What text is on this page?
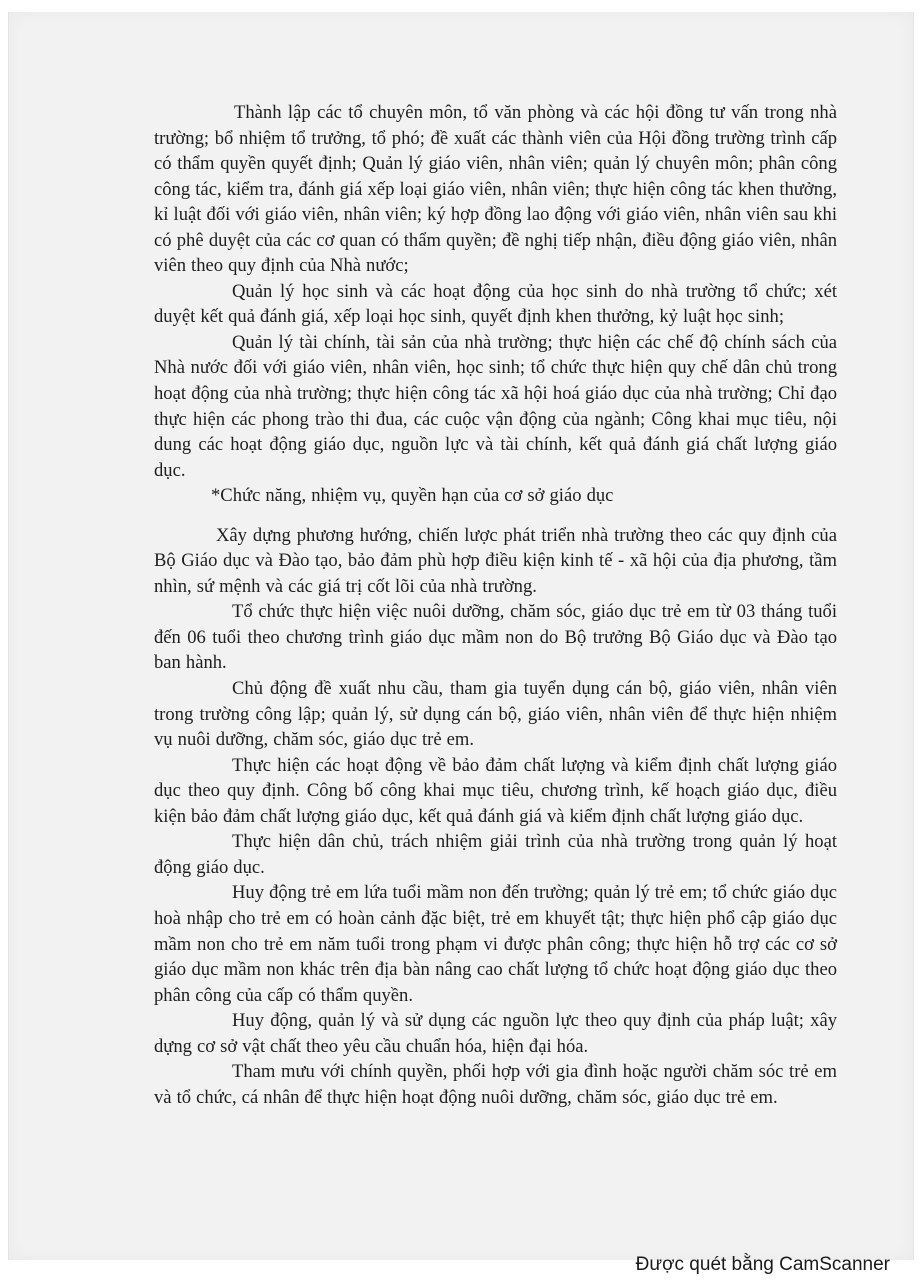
Thành lập các tổ chuyên môn, tổ văn phòng và các hội đồng tư vấn trong nhà trường; bổ nhiệm tổ trưởng, tổ phó; đề xuất các thành viên của Hội đồng trường trình cấp có thẩm quyền quyết định; Quản lý giáo viên, nhân viên; quản lý chuyên môn; phân công công tác, kiểm tra, đánh giá xếp loại giáo viên, nhân viên; thực hiện công tác khen thưởng, kỉ luật đối với giáo viên, nhân viên; ký hợp đồng lao động với giáo viên, nhân viên sau khi có phê duyệt của các cơ quan có thẩm quyền; đề nghị tiếp nhận, điều động giáo viên, nhân viên theo quy định của Nhà nước;

Quản lý học sinh và các hoạt động của học sinh do nhà trường tổ chức; xét duyệt kết quả đánh giá, xếp loại học sinh, quyết định khen thưởng, kỷ luật học sinh;

Quản lý tài chính, tài sản của nhà trường; thực hiện các chế độ chính sách của Nhà nước đối với giáo viên, nhân viên, học sinh; tổ chức thực hiện quy chế dân chủ trong hoạt động của nhà trường; thực hiện công tác xã hội hoá giáo dục của nhà trường; Chỉ đạo thực hiện các phong trào thi đua, các cuộc vận động của ngành; Công khai mục tiêu, nội dung các hoạt động giáo dục, nguồn lực và tài chính, kết quả đánh giá chất lượng giáo dục.

*Chức năng, nhiệm vụ, quyền hạn của cơ sở giáo dục

Xây dựng phương hướng, chiến lược phát triển nhà trường theo các quy định của Bộ Giáo dục và Đào tạo, bảo đảm phù hợp điều kiện kinh tế - xã hội của địa phương, tầm nhìn, sứ mệnh và các giá trị cốt lõi của nhà trường.

Tổ chức thực hiện việc nuôi dưỡng, chăm sóc, giáo dục trẻ em từ 03 tháng tuổi đến 06 tuổi theo chương trình giáo dục mầm non do Bộ trưởng Bộ Giáo dục và Đào tạo ban hành.

Chủ động đề xuất nhu cầu, tham gia tuyển dụng cán bộ, giáo viên, nhân viên trong trường công lập; quản lý, sử dụng cán bộ, giáo viên, nhân viên để thực hiện nhiệm vụ nuôi dưỡng, chăm sóc, giáo dục trẻ em.

Thực hiện các hoạt động về bảo đảm chất lượng và kiểm định chất lượng giáo dục theo quy định. Công bố công khai mục tiêu, chương trình, kế hoạch giáo dục, điều kiện bảo đảm chất lượng giáo dục, kết quả đánh giá và kiểm định chất lượng giáo dục.

Thực hiện dân chủ, trách nhiệm giải trình của nhà trường trong quản lý hoạt động giáo dục.

Huy động trẻ em lứa tuổi mầm non đến trường; quản lý trẻ em; tổ chức giáo dục hoà nhập cho trẻ em có hoàn cảnh đặc biệt, trẻ em khuyết tật; thực hiện phổ cập giáo dục mầm non cho trẻ em năm tuổi trong phạm vi được phân công; thực hiện hỗ trợ các cơ sở giáo dục mầm non khác trên địa bàn nâng cao chất lượng tổ chức hoạt động giáo dục theo phân công của cấp có thẩm quyền.

Huy động, quản lý và sử dụng các nguồn lực theo quy định của pháp luật; xây dựng cơ sở vật chất theo yêu cầu chuẩn hóa, hiện đại hóa.

Tham mưu với chính quyền, phối hợp với gia đình hoặc người chăm sóc trẻ em và tổ chức, cá nhân để thực hiện hoạt động nuôi dưỡng, chăm sóc, giáo dục trẻ em.

Được quét bằng CamScanner
